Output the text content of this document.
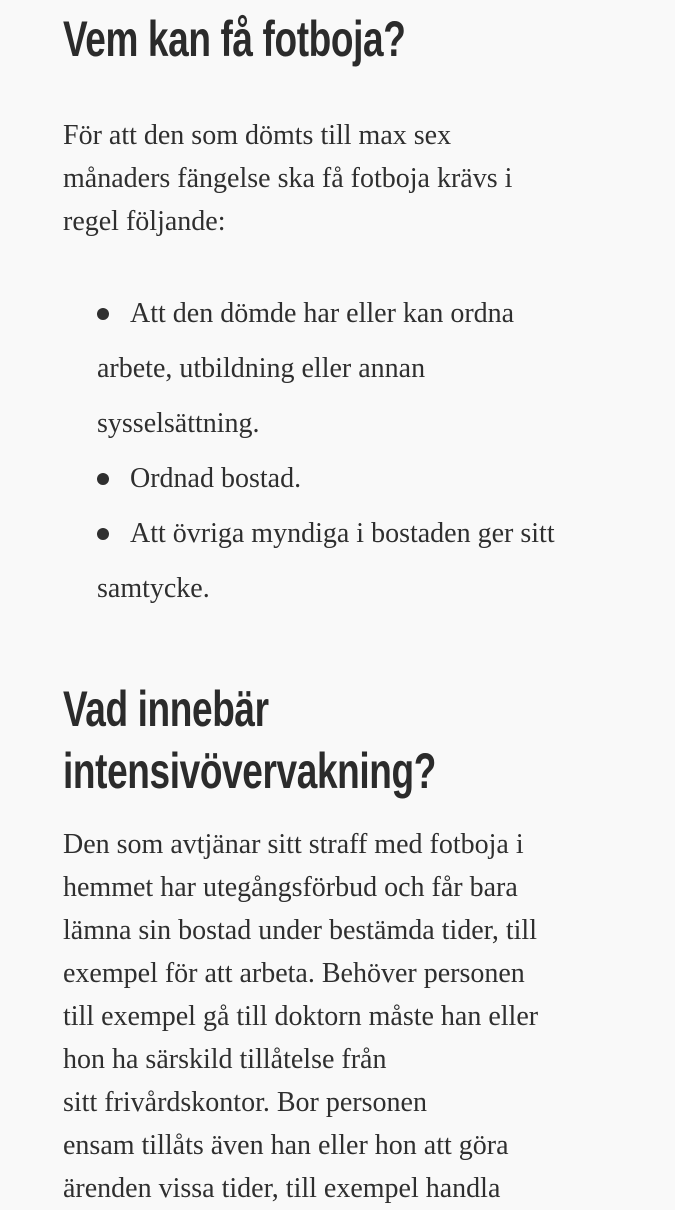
Vem kan få fotboja?

För att den som dömts till max sex
månaders fängelse ska få fotboja krävs i
regel följande:

Att den dömde har eller kan ordna
arbete, utbildning eller annan
sysselsättning.
Ordnad bostad.
Att övriga myndiga i bostaden ger sitt
samtycke.
Vad innebär
intensivövervakning?

Den som avtjänar sitt straff med fotboja i
hemmet har utegångsförbud och får bara
lämna sin bostad under bestämda tider, till
exempel för att arbeta. Behöver personen
till exempel gå till doktorn måste han eller
hon ha särskild tillåtelse från
sitt frivårdskontor. Bor personen
ensam tillåts även han eller hon att göra
ärenden vissa tider, till exempel handla
